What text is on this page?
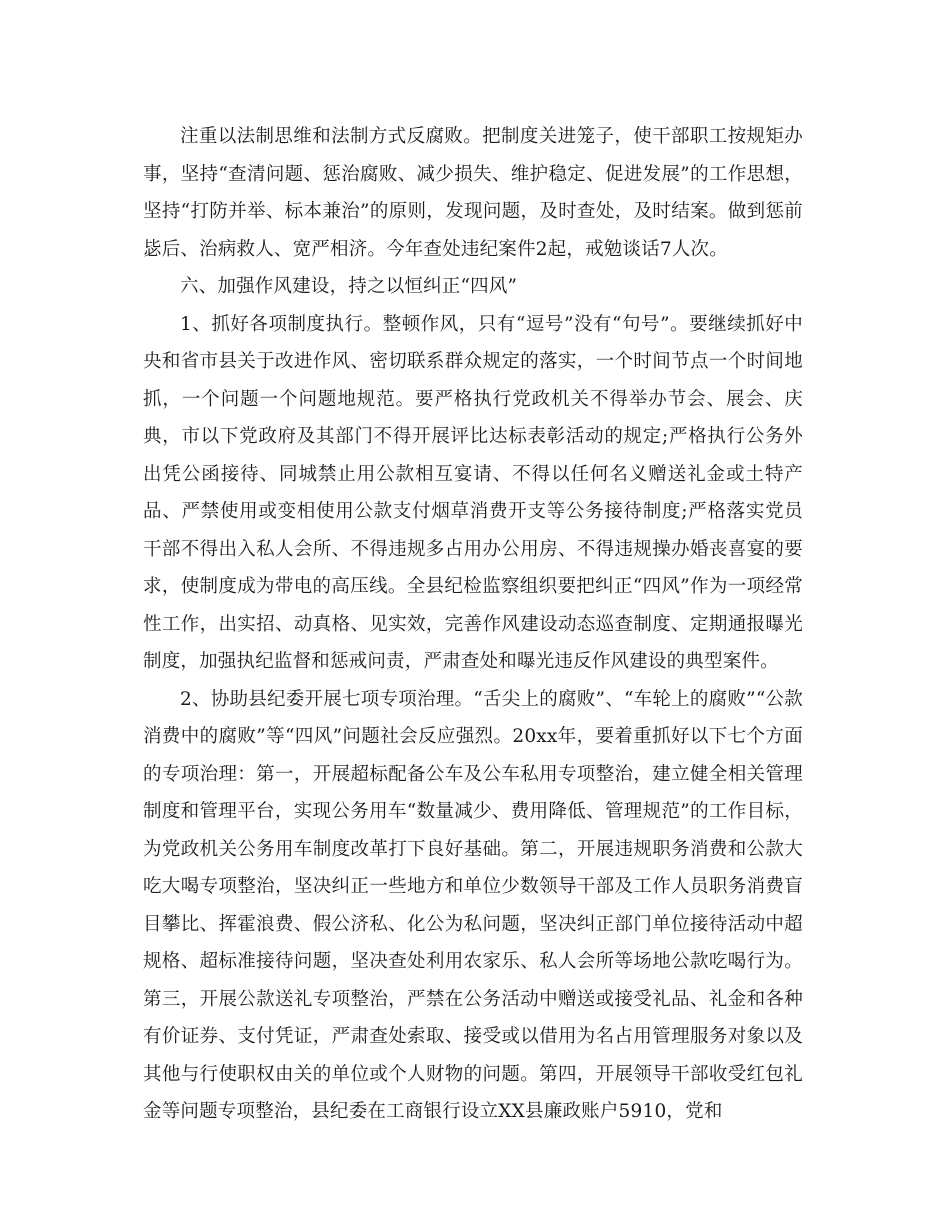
注重以法制思维和法制方式反腐败。把制度关进笼子，使干部职工按规矩办事，坚持“查清问题、惩治腐败、减少损失、维护稳定、促进发展”的工作思想，坚持“打防并举、标本兼治”的原则，发现问题，及时查处，及时结案。做到惩前毖后、治病救人、宽严相济。今年查处违纪案件2起，戒勉谈话7人次。

六、加强作风建设，持之以恒纠正“四风”

1、抓好各项制度执行。整顿作风，只有“逗号”没有“句号”。要继续抓好中央和省市县关于改进作风、密切联系群众规定的落实，一个时间节点一个时间地抓，一个问题一个问题地规范。要严格执行党政机关不得举办节会、展会、庆典，市以下党政府及其部门不得开展评比达标表彰活动的规定;严格执行公务外出凭公函接待、同城禁止用公款相互宴请、不得以任何名义赠送礼金或土特产品、严禁使用或变相使用公款支付烟草消费开支等公务接待制度;严格落实党员干部不得出入私人会所、不得违规多占用办公用房、不得违规操办婚丧喜宴的要求，使制度成为带电的高压线。全县纪检监察组织要把纠正“四风”作为一项经常性工作，出实招、动真格、见实效，完善作风建设动态巡查制度、定期通报曝光制度，加强执纪监督和惩戒问责，严肃查处和曝光违反作风建设的典型案件。

2、协助县纪委开展七项专项治理。“舌尖上的腐败”、“车轮上的腐败”“公款消费中的腐败”等“四风”问题社会反应强烈。20xx年，要着重抓好以下七个方面的专项治理：第一，开展超标配备公车及公车私用专项整治，建立健全相关管理制度和管理平台，实现公务用车“数量减少、费用降低、管理规范”的工作目标，为党政机关公务用车制度改革打下良好基础。第二，开展违规职务消费和公款大吃大喝专项整治，坚决纠正一些地方和单位少数领导干部及工作人员职务消费盲目攀比、挥霍浪费、假公济私、化公为私问题，坚决纠正部门单位接待活动中超规格、超标准接待问题，坚决查处利用农家乐、私人会所等场地公款吃喝行为。第三，开展公款送礼专项整治，严禁在公务活动中赠送或接受礼品、礼金和各种有价证券、支付凭证，严肃查处索取、接受或以借用为名占用管理服务对象以及其他与行使职权由关的单位或个人财物的问题。第四，开展领导干部收受红包礼金等问题专项整治，县纪委在工商银行设立XX县廉政账户5910，党和
